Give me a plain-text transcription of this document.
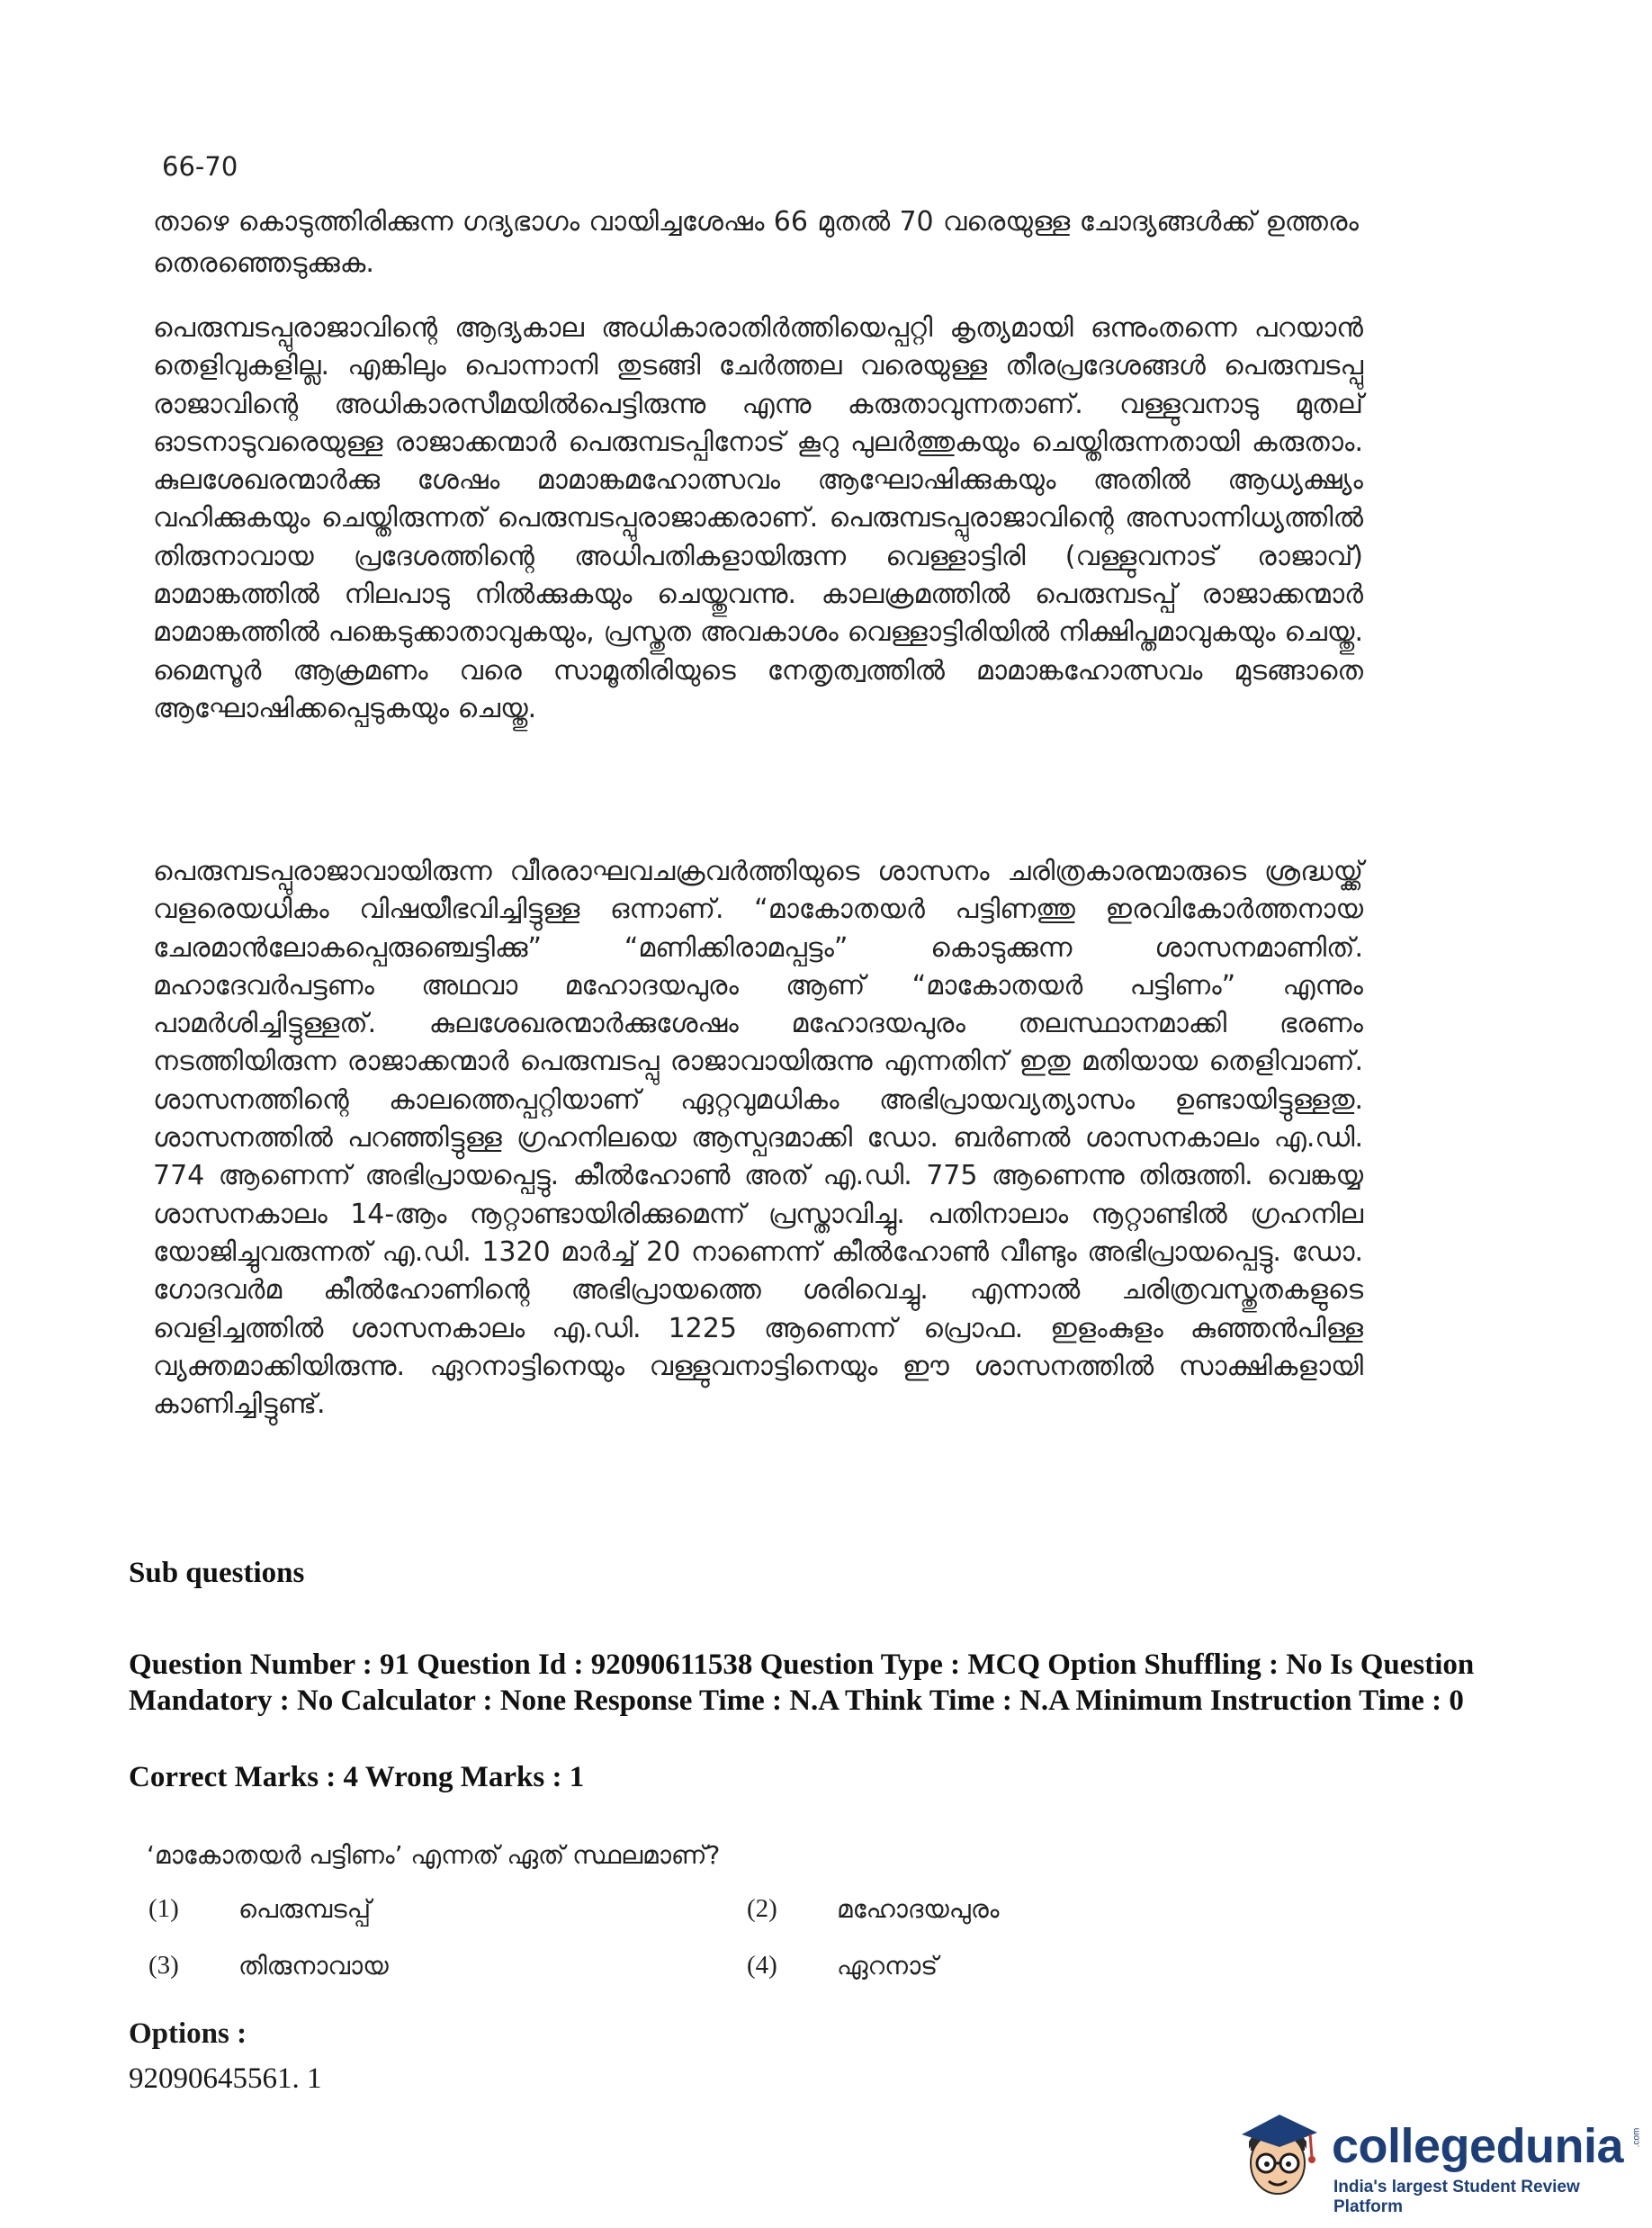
66-70
താഴെ കൊടുത്തിരിക്കുന്ന ഗദ്യഭാഗം വായിച്ചശേഷം 66 മുതൽ 70 വരെയുള്ള ചോദ്യങ്ങൾക്ക് ഉത്തരം തെരഞ്ഞെടുക്കുക.
പെരുമ്പടപ്പുരാജാവിന്റെ ആദ്യകാല അധികാരാതിർത്തിയെപ്പറ്റി കൃത്യമായി ഒന്നുംതന്നെ പറയാൻ തെളിവുകളില്ല. എങ്കിലും പൊന്നാനി തുടങ്ങി ചേർത്തല വരെയുള്ള തീരപ്രദേശങ്ങൾ പെരുമ്പടപ്പു രാജാവിന്റെ അധികാരസീമയിൽപെട്ടിരുന്നു എന്നു കരുതാവുന്നതാണ്. വള്ളുവനാടു മുതല് ഓടനാടുവരെയുള്ള രാജാക്കന്മാർ പെരുമ്പടപ്പിനോട് കൂറു പുലർത്തുകയും ചെയ്തിരുന്നതായി കരുതാം. കുലശേഖരന്മാർക്കു ശേഷം മാമാങ്കമഹോത്സവം ആഘോഷിക്കുകയും അതിൽ ആധ്യക്ഷ്യം വഹിക്കുകയും ചെയ്തിരുന്നത് പെരുമ്പടപ്പുരാജാക്കരാണ്. പെരുമ്പടപ്പുരാജാവിന്റെ അസാന്നിധ്യത്തിൽ തിരുനാവായ പ്രദേശത്തിന്റെ അധിപതികളായിരുന്ന വെള്ളാട്ടിരി (വള്ളുവനാട് രാജാവ്) മാമാങ്കത്തിൽ നിലപാടു നിൽക്കുകയും ചെയ്തുവന്നു. കാലക്രമത്തിൽ പെരുമ്പടപ്പ് രാജാക്കന്മാർ മാമാങ്കത്തിൽ പങ്കെടുക്കാതാവുകയും, പ്രസ്തുത അവകാശം വെള്ളാട്ടിരിയിൽ നിക്ഷിപ്തമാവുകയും ചെയ്തു. മൈസൂർ ആക്രമണം വരെ സാമൂതിരിയുടെ നേതൃത്വത്തിൽ മാമാങ്കഹോത്സവം മുടങ്ങാതെ ആഘോഷിക്കപ്പെടുകയും ചെയ്തു.
പെരുമ്പടപ്പുരാജാവായിരുന്ന വീരരാഘവചക്രവർത്തിയുടെ ശാസനം ചരിത്രകാരന്മാരുടെ ശ്രദ്ധയ്ക്ക് വളരെയധികം വിഷയീഭവിച്ചിട്ടുള്ള ഒന്നാണ്. “മാകോതയർ പട്ടിണത്തു ഇരവികോർത്തനായ ചേരമാൻലോകപ്പെരുഞ്ചെട്ടിക്കു” “മണിക്കിരാമപ്പട്ടം” കൊടുക്കുന്ന ശാസനമാണിത്. മഹാദേവർപട്ടണം അഥവാ മഹോദയപുരം ആണ് “മാകോതയർ പട്ടിണം” എന്നും പാമർശിച്ചിട്ടുള്ളത്. കുലശേഖരന്മാർക്കുശേഷം മഹോദയപുരം തലസ്ഥാനമാക്കി ഭരണം നടത്തിയിരുന്ന രാജാക്കന്മാർ പെരുമ്പടപ്പു രാജാവായിരുന്നു എന്നതിന് ഇതു മതിയായ തെളിവാണ്. ശാസനത്തിന്റെ കാലത്തെപ്പറ്റിയാണ് ഏറ്റവുമധികം അഭിപ്രായവ്യത്യാസം ഉണ്ടായിട്ടുള്ളതു. ശാസനത്തിൽ പറഞ്ഞിട്ടുള്ള ഗ്രഹനിലയെ ആസ്പദമാക്കി ഡോ. ബർണൽ ശാസനകാലം എ.ഡി. 774 ആണെന്ന് അഭിപ്രായപ്പെട്ടു. കീൽഹോൺ അത് എ.ഡി. 775 ആണെന്നു തിരുത്തി. വെങ്കയ്യ ശാസനകാലം 14-ആം നൂറ്റാണ്ടായിരിക്കുമെന്ന് പ്രസ്താവിച്ചു. പതിനാലാം നൂറ്റാണ്ടിൽ ഗ്രഹനില യോജിച്ചുവരുന്നത് എ.ഡി. 1320 മാർച്ച് 20 നാണെന്ന് കീൽഹോൺ വീണ്ടും അഭിപ്രായപ്പെട്ടു. ഡോ. ഗോദവർമ കീൽഹോണിന്റെ അഭിപ്രായത്തെ ശരിവെച്ചു. എന്നാൽ ചരിത്രവസ്തുതകളുടെ വെളിച്ചത്തിൽ ശാസനകാലം എ.ഡി. 1225 ആണെന്ന് പ്രൊഫ. ഇളംകുളം കുഞ്ഞൻപിള്ള വ്യക്തമാക്കിയിരുന്നു. ഏറനാട്ടിനെയും വള്ളുവനാട്ടിനെയും ഈ ശാസനത്തിൽ സാക്ഷികളായി കാണിച്ചിട്ടുണ്ട്.
Sub questions
Question Number : 91 Question Id : 92090611538 Question Type : MCQ Option Shuffling : No Is Question Mandatory : No Calculator : None Response Time : N.A Think Time : N.A Minimum Instruction Time : 0
Correct Marks : 4 Wrong Marks : 1
‘മാകോതയർ പട്ടിണം’ എന്നത് ഏത് സ്ഥലമാണ്?
(1)	പെരുമ്പടപ്പ്	(2)	മഹോദയപുരം
(3)	തിരുനാവായ	(4)	ഏറനാട്
Options :
92090645561. 1
collegedunia .com
India's largest Student Review Platform
